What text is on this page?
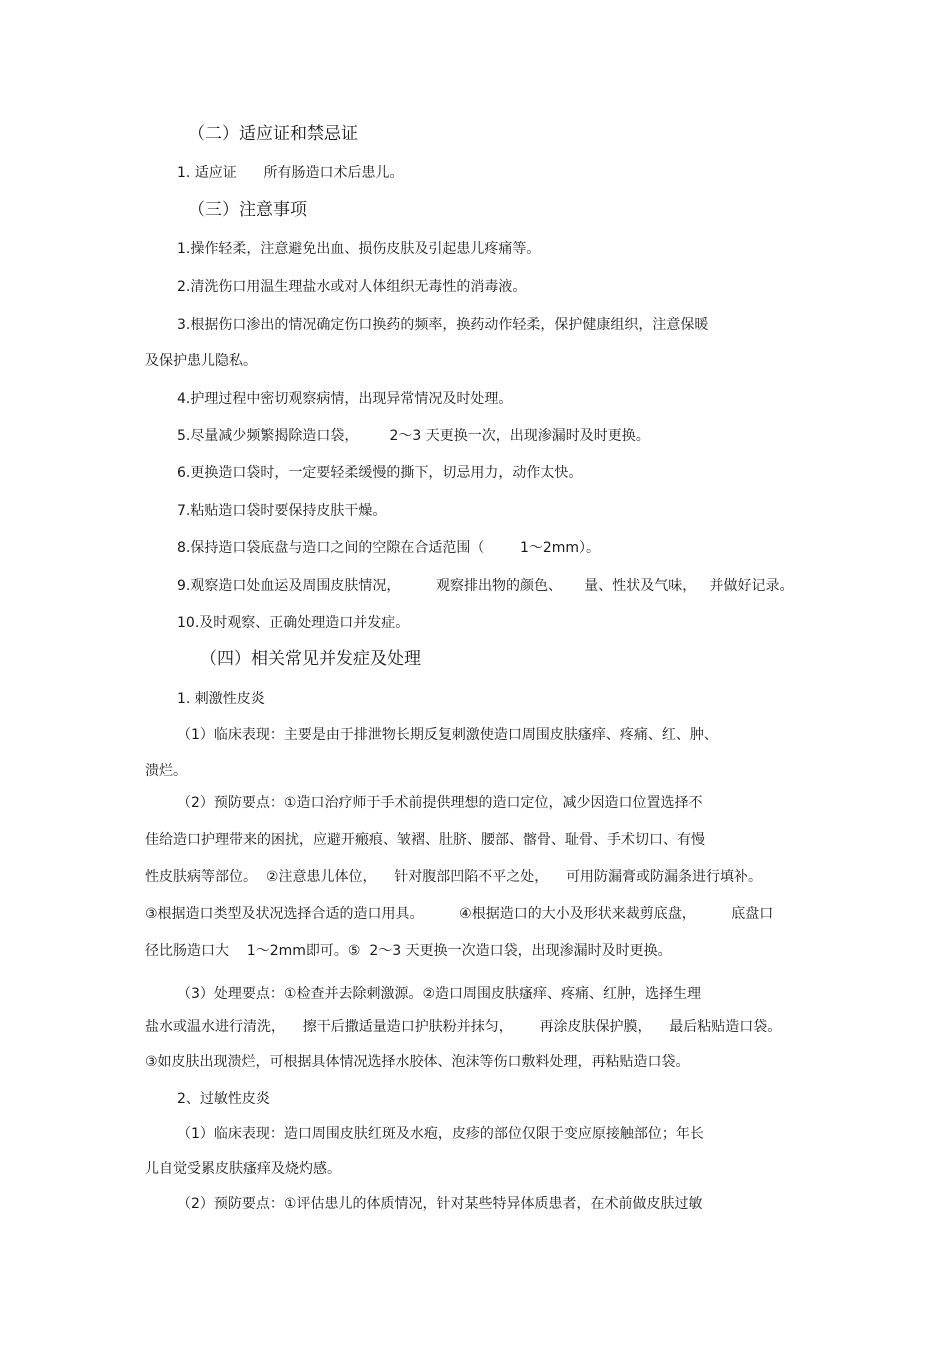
（二）适应证和禁忌证
1. 适应证      所有肠造口术后患儿。
（三）注意事项
1.操作轻柔，注意避免出血、损伤皮肤及引起患儿疼痛等。
2.清洗伤口用温生理盐水或对人体组织无毒性的消毒液。
3.根据伤口渗出的情况确定伤口换药的频率，换药动作轻柔，保护健康组织，注意保暖
及保护患儿隐私。
4.护理过程中密切观察病情，出现异常情况及时处理。
5.尽量减少频繁揭除造口袋，       2～3 天更换一次，出现渗漏时及时更换。
6.更换造口袋时，一定要轻柔缓慢的撕下，切忌用力，动作太快。
7.粘贴造口袋时要保持皮肤干燥。
8.保持造口袋底盘与造口之间的空隙在合适范围（        1～2mm）。
9.观察造口处血运及周围皮肤情况，        观察排出物的颜色、     量、性状及气味，   并做好记录。
10.及时观察、正确处理造口并发症。
（四）相关常见并发症及处理
1. 刺激性皮炎
（1）临床表现：主要是由于排泄物长期反复刺激使造口周围皮肤瘙痒、疼痛、红、肿、
溃烂。
（2）预防要点：①造口治疗师于手术前提供理想的造口定位，减少因造口位置选择不
佳给造口护理带来的困扰，应避开瘢痕、皱褶、肚脐、腰部、髂骨、耻骨、手术切口、有慢
性皮肤病等部位。  ②注意患儿体位，    针对腹部凹陷不平之处，    可用防漏膏或防漏条进行填补。
③根据造口类型及状况选择合适的造口用具。        ④根据造口的大小及形状来裁剪底盘，        底盘口
径比肠造口大    1～2mm即可。⑤  2～3 天更换一次造口袋，出现渗漏时及时更换。
（3）处理要点：①检查并去除刺激源。②造口周围皮肤瘙痒、疼痛、红肿，选择生理
盐水或温水进行清洗，    擦干后撒适量造口护肤粉并抹匀，      再涂皮肤保护膜，    最后粘贴造口袋。
③如皮肤出现溃烂，可根据具体情况选择水胶体、泡沫等伤口敷料处理，再粘贴造口袋。
2、过敏性皮炎
（1）临床表现：造口周围皮肤红斑及水疱，皮疹的部位仅限于变应原接触部位；年长
儿自觉受累皮肤瘙痒及烧灼感。
（2）预防要点：①评估患儿的体质情况，针对某些特异体质患者，在术前做皮肤过敏
